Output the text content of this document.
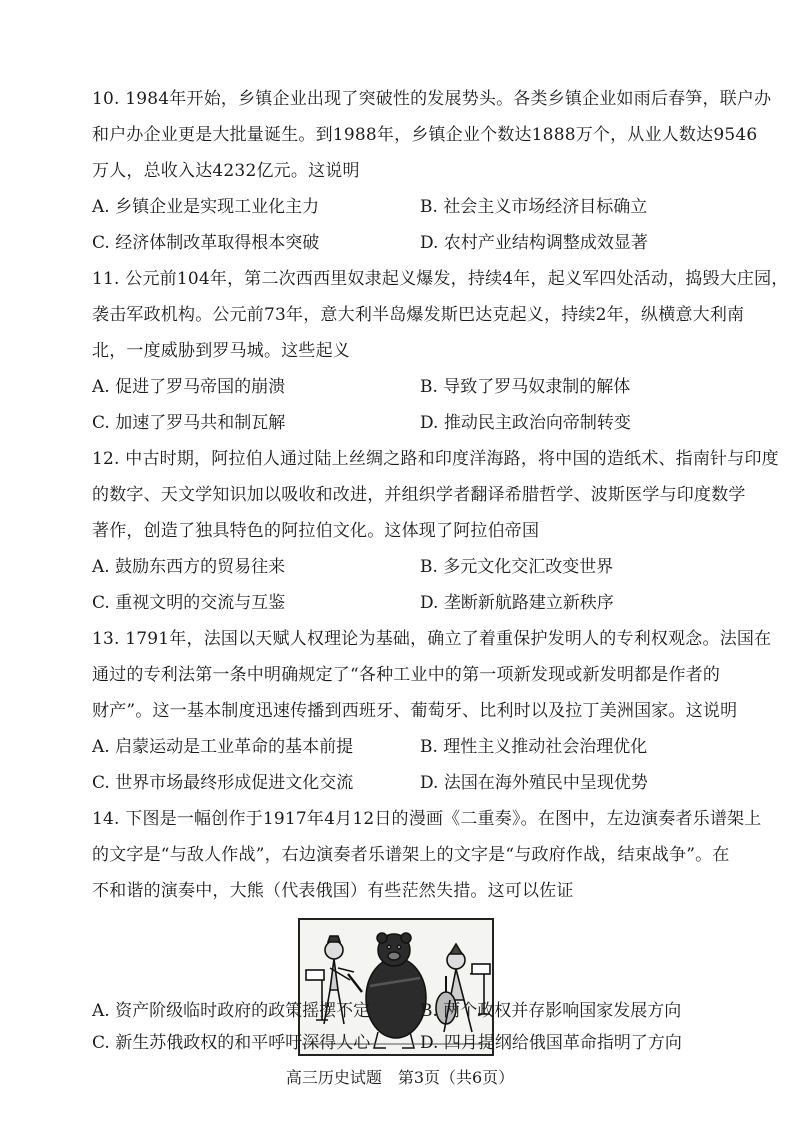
10. 1984年开始，乡镇企业出现了突破性的发展势头。各类乡镇企业如雨后春笋，联户办
和户办企业更是大批量诞生。到1988年，乡镇企业个数达1888万个，从业人数达9546
万人，总收入达4232亿元。这说明
A. 乡镇企业是实现工业化主力	B. 社会主义市场经济目标确立
C. 经济体制改革取得根本突破	D. 农村产业结构调整成效显著
11. 公元前104年，第二次西西里奴隶起义爆发，持续4年，起义军四处活动，捣毁大庄园，
袭击军政机构。公元前73年，意大利半岛爆发斯巴达克起义，持续2年，纵横意大利南
北，一度威胁到罗马城。这些起义
A. 促进了罗马帝国的崩溃	B. 导致了罗马奴隶制的解体
C. 加速了罗马共和制瓦解	D. 推动民主政治向帝制转变
12. 中古时期，阿拉伯人通过陆上丝绸之路和印度洋海路，将中国的造纸术、指南针与印度
的数字、天文学知识加以吸收和改进，并组织学者翻译希腊哲学、波斯医学与印度数学
著作，创造了独具特色的阿拉伯文化。这体现了阿拉伯帝国
A. 鼓励东西方的贸易往来	B. 多元文化交汇改变世界
C. 重视文明的交流与互鉴	D. 垄断新航路建立新秩序
13. 1791年，法国以天赋人权理论为基础，确立了着重保护发明人的专利权观念。法国在
通过的专利法第一条中明确规定了“各种工业中的第一项新发现或新发明都是作者的
财产”。这一基本制度迅速传播到西班牙、葡萄牙、比利时以及拉丁美洲国家。这说明
A. 启蒙运动是工业革命的基本前提	B. 理性主义推动社会治理优化
C. 世界市场最终形成促进文化交流	D. 法国在海外殖民中呈现优势
14. 下图是一幅创作于1917年4月12日的漫画《二重奏》。在图中，左边演奏者乐谱架上
的文字是“与敌人作战”，右边演奏者乐谱架上的文字是“与政府作战，结束战争”。在
不和谐的演奏中，大熊（代表俄国）有些茫然失措。这可以佐证
A. 资产阶级临时政府的政策摇摆不定	B. 两个政权并存影响国家发展方向
C. 新生苏俄政权的和平呼吁深得人心	D. 四月提纲给俄国革命指明了方向
高三历史试题　第3页（共6页）
